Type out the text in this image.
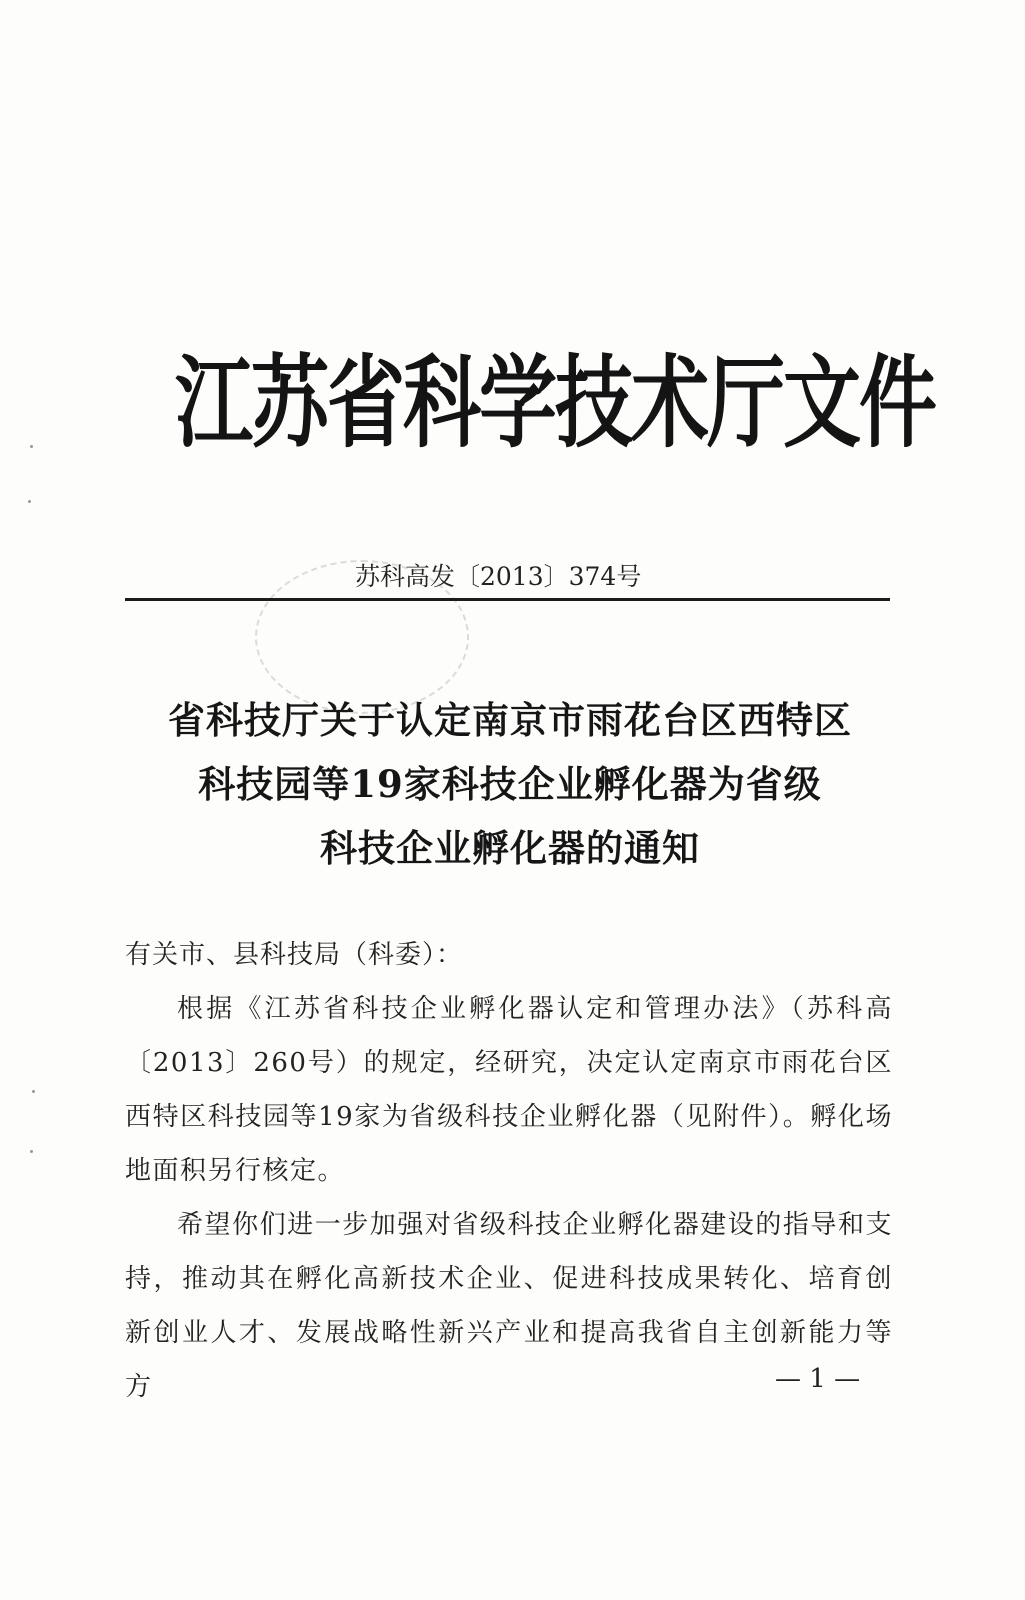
江苏省科学技术厅文件
苏科高发〔2013〕374号
省科技厅关于认定南京市雨花台区西特区
科技园等19家科技企业孵化器为省级
科技企业孵化器的通知

有关市、县科技局（科委）：

根据《江苏省科技企业孵化器认定和管理办法》（苏科高〔2013〕260号）的规定，经研究，决定认定南京市雨花台区西特区科技园等19家为省级科技企业孵化器（见附件）。孵化场地面积另行核定。

希望你们进一步加强对省级科技企业孵化器建设的指导和支持，推动其在孵化高新技术企业、促进科技成果转化、培育创新创业人才、发展战略性新兴产业和提高我省自主创新能力等方	— 1 —
